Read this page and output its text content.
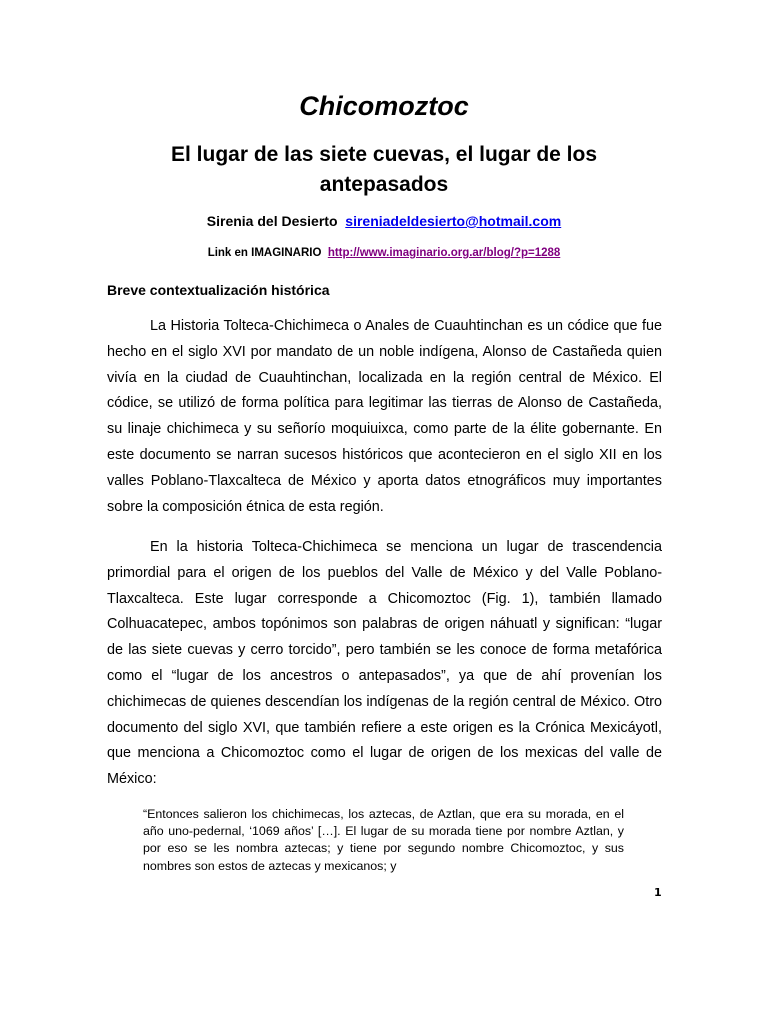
Chicomoztoc
El lugar de las siete cuevas, el lugar de los antepasados
Sirenia del Desierto sireniadeldesierto@hotmail.com
Link en IMAGINARIO http://www.imaginario.org.ar/blog/?p=1288
Breve contextualización histórica

La Historia Tolteca-Chichimeca o Anales de Cuauhtinchan es un códice que fue hecho en el siglo XVI por mandato de un noble indígena, Alonso de Castañeda quien vivía en la ciudad de Cuauhtinchan, localizada en la región central de México. El códice, se utilizó de forma política para legitimar las tierras de Alonso de Castañeda, su linaje chichimeca y su señorío moquiuixca, como parte de la élite gobernante. En este documento se narran sucesos históricos que acontecieron en el siglo XII en los valles Poblano-Tlaxcalteca de México y aporta datos etnográficos muy importantes sobre la composición étnica de esta región.

En la historia Tolteca-Chichimeca se menciona un lugar de trascendencia primordial para el origen de los pueblos del Valle de México y del Valle Poblano-Tlaxcalteca. Este lugar corresponde a Chicomoztoc (Fig. 1), también llamado Colhuacatepec, ambos topónimos son palabras de origen náhuatl y significan: “lugar de las siete cuevas y cerro torcido”, pero también se les conoce de forma metafórica como el “lugar de los ancestros o antepasados”, ya que de ahí provenían los chichimecas de quienes descendían los indígenas de la región central de México. Otro documento del siglo XVI, que también refiere a este origen es la Crónica Mexicáyotl, que menciona a Chicomoztoc como el lugar de origen de los mexicas del valle de México:

“Entonces salieron los chichimecas, los aztecas, de Aztlan, que era su morada, en el año uno-pedernal, ‘1069 años’ […]. El lugar de su morada tiene por nombre Aztlan, y por eso se les nombra aztecas; y tiene por segundo nombre Chicomoztoc, y sus nombres son estos de aztecas y mexicanos; y

1
